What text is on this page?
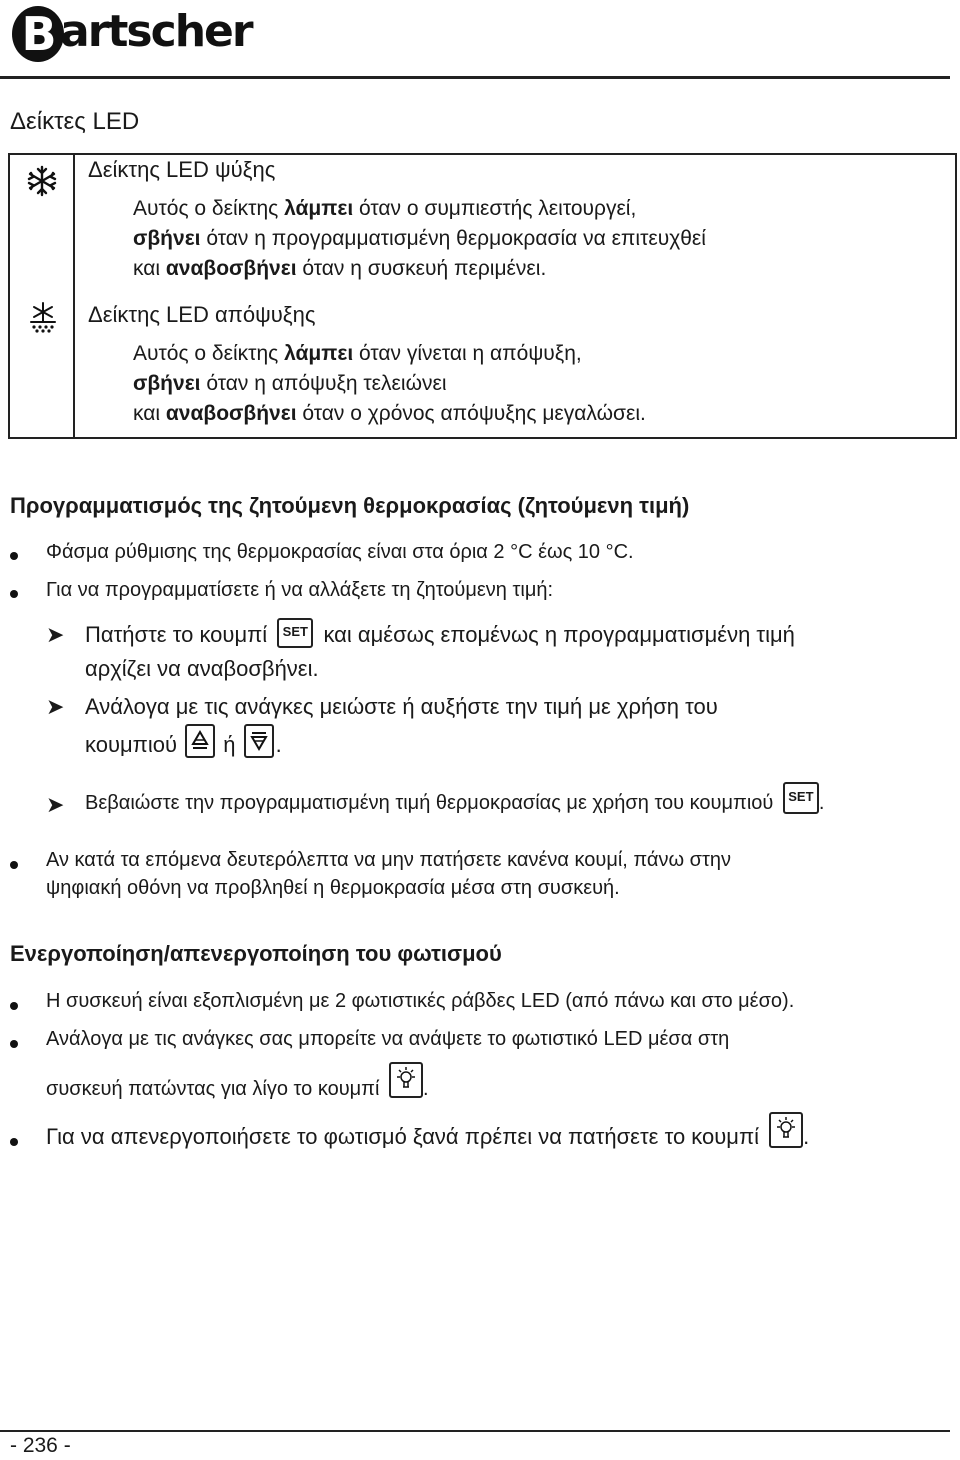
B artscher
Δείκτες LED
Δείκτης LED ψύξης
Αυτός ο δείκτης λάμπει όταν ο συμπιεστής λειτουργεί,
σβήνει όταν η προγραμματισμένη θερμοκρασία να επιτευχθεί
και αναβοσβήνει όταν η συσκευή περιμένει.
Δείκτης LED απόψυξης
Αυτός ο δείκτης λάμπει όταν γίνεται η απόψυξη,
σβήνει όταν η απόψυξη τελειώνει
και αναβοσβήνει όταν ο χρόνος απόψυξης μεγαλώσει.
Προγραμματισμός της ζητούμενη θερμοκρασίας (ζητούμενη τιμή)
Φάσμα ρύθμισης της θερμοκρασίας είναι στα όρια 2 °C έως 10 °C.
Για να προγραμματίσετε ή να αλλάξετε τη ζητούμενη τιμή:
➤ Πατήστε το κουμπί SET και αμέσως επομένως η προγραμματισμένη τιμή
αρχίζει να αναβοσβήνει.
➤ Ανάλογα με τις ανάγκες μειώστε ή αυξήστε την τιμή με χρήση του
κουμπιού ή .
➤ Βεβαιώστε την προγραμματισμένη τιμή θερμοκρασίας με χρήση του κουμπιού SET .
Αν κατά τα επόμενα δευτερόλεπτα να μην πατήσετε κανένα κουμί, πάνω στην
ψηφιακή οθόνη να προβληθεί η θερμοκρασία μέσα στη συσκευή.
Ενεργοποίηση/απενεργοποίηση του φωτισμού
Η συσκευή είναι εξοπλισμένη με 2 φωτιστικές ράβδες LED (από πάνω και στο μέσο).
Ανάλογα με τις ανάγκες σας μπορείτε να ανάψετε το φωτιστικό LED μέσα στη
συσκευή πατώντας για λίγο το κουμπί .
Για να απενεργοποιήσετε το φωτισμό ξανά πρέπει να πατήσετε το κουμπί .
- 236 -
